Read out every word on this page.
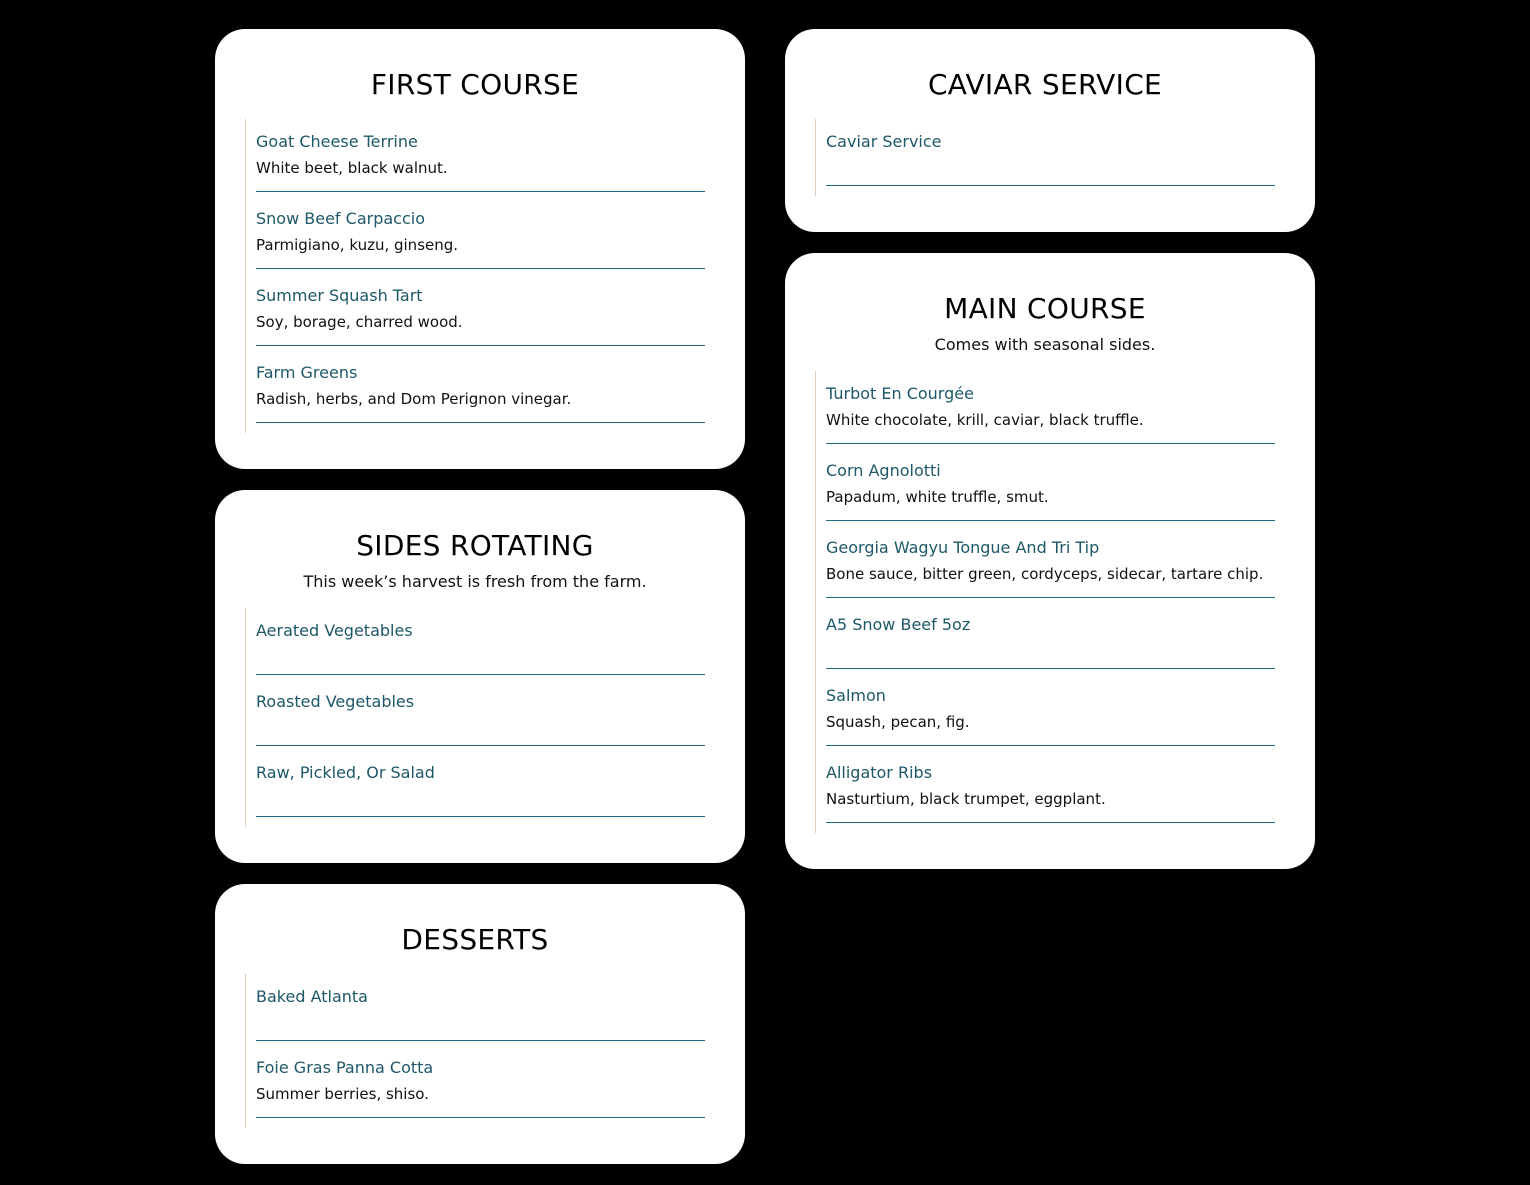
FIRST COURSE
Goat Cheese Terrine
White beet, black walnut.
Snow Beef Carpaccio
Parmigiano, kuzu, ginseng.
Summer Squash Tart
Soy, borage, charred wood.
Farm Greens
Radish, herbs, and Dom Perignon vinegar.
SIDES ROTATING

This week’s harvest is fresh from the farm.

Aerated Vegetables
Roasted Vegetables
Raw, Pickled, Or Salad
DESSERTS
Baked Atlanta
Foie Gras Panna Cotta
Summer berries, shiso.
CAVIAR SERVICE
Caviar Service
MAIN COURSE

Comes with seasonal sides.

Turbot En Courgée
White chocolate, krill, caviar, black truffle.
Corn Agnolotti
Papadum, white truffle, smut.
Georgia Wagyu Tongue And Tri Tip
Bone sauce, bitter green, cordyceps, sidecar, tartare chip.
A5 Snow Beef 5oz
Salmon
Squash, pecan, fig.
Alligator Ribs
Nasturtium, black trumpet, eggplant.
